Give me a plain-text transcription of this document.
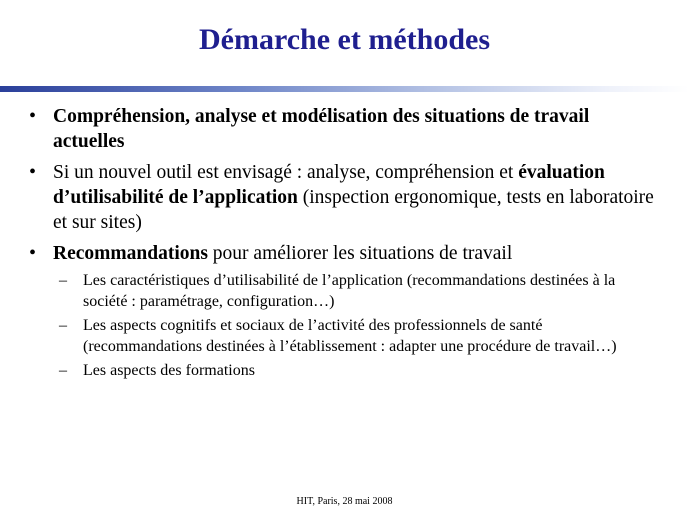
Démarche et méthodes
• Compréhension, analyse et modélisation des situations de travail actuelles
• Si un nouvel outil est envisagé : analyse, compréhension et évaluation d’utilisabilité de l’application (inspection ergonomique, tests en laboratoire et sur sites)
• Recommandations pour améliorer les situations de travail
– Les caractéristiques d’utilisabilité de l’application (recommandations destinées à la société : paramétrage, configuration…)
– Les aspects cognitifs et sociaux de l’activité des professionnels de santé (recommandations destinées à l’établissement : adapter une procédure de travail…)
– Les aspects des formations
HIT, Paris, 28 mai 2008
